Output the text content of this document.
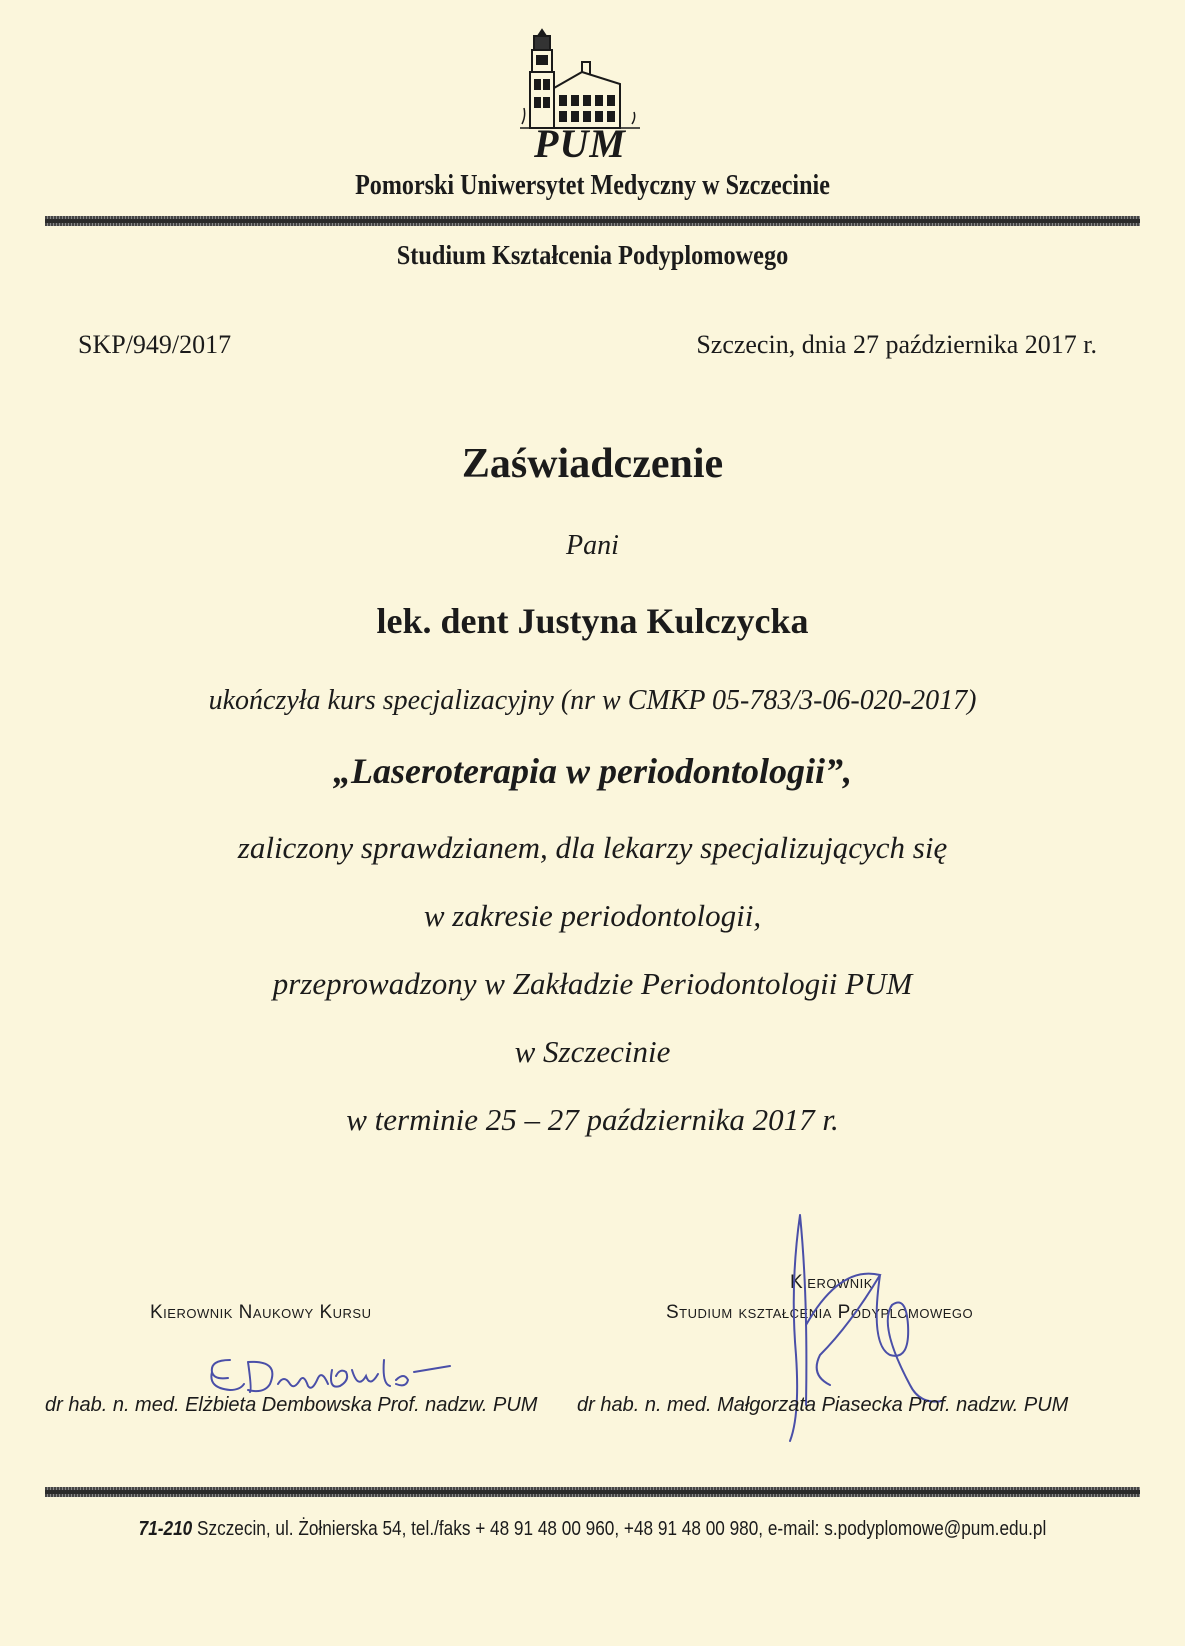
PUM
Pomorski Uniwersytet Medyczny w Szczecinie
Studium Kształcenia Podyplomowego
SKP/949/2017	Szczecin, dnia 27 października 2017 r.
Zaświadczenie
Pani
lek. dent Justyna Kulczycka
ukończyła kurs specjalizacyjny (nr w CMKP 05-783/3-06-020-2017)
„Laseroterapia w periodontologii”,
zaliczony sprawdzianem, dla lekarzy specjalizujących się
w zakresie periodontologii,
przeprowadzony w Zakładzie Periodontologii PUM
w Szczecinie
w terminie 25 – 27 października 2017 r.
Kierownik Naukowy Kursu
Kierownik
Studium kształcenia Podyplomowego
dr hab. n. med. Elżbieta Dembowska Prof. nadzw. PUM dr hab. n. med. Małgorzata Piasecka Prof. nadzw. PUM
71-210 Szczecin, ul. Żołnierska 54, tel./faks + 48 91 48 00 960, +48 91 48 00 980, e-mail: s.podyplomowe@pum.edu.pl
